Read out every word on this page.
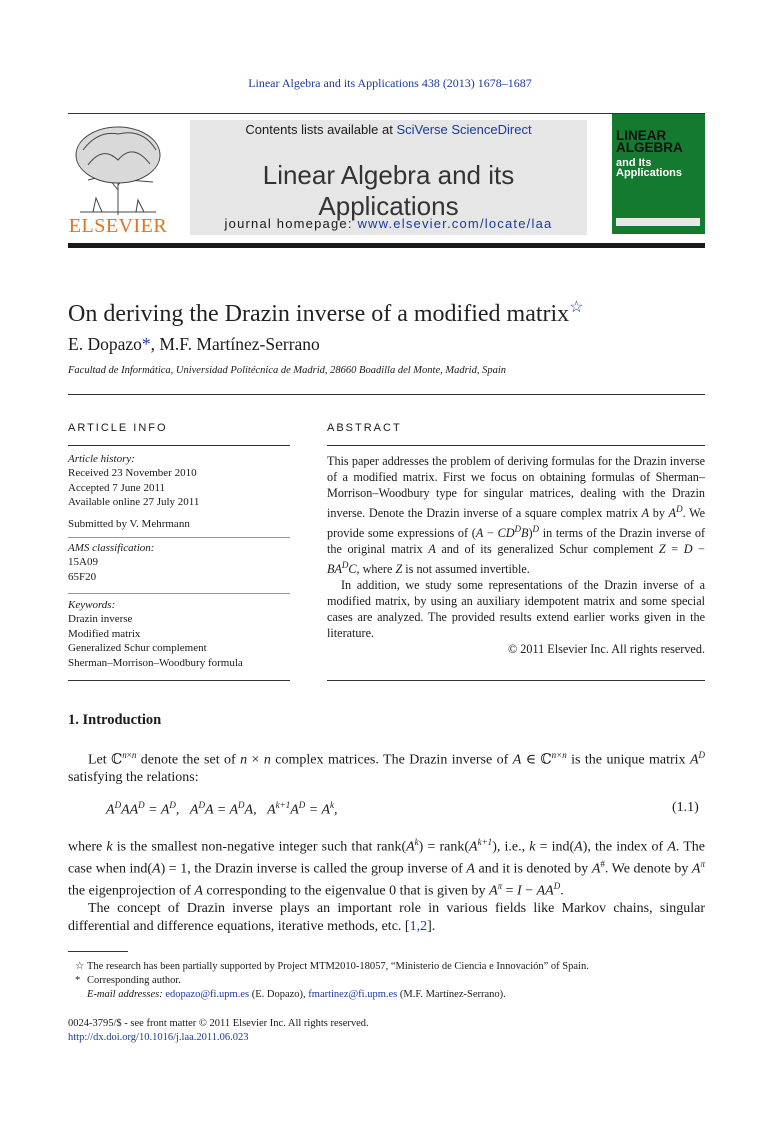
Linear Algebra and its Applications 438 (2013) 1678–1687
ELSEVIER
Contents lists available at SciVerse ScienceDirect
Linear Algebra and its Applications
journal homepage: www.elsevier.com/locate/laa
LINEAR
ALGEBRA
and Its
Applications
On deriving the Drazin inverse of a modified matrix☆
E. Dopazo*, M.F. Martínez-Serrano
Facultad de Informática, Universidad Politécnica de Madrid, 28660 Boadilla del Monte, Madrid, Spain
ARTICLE INFO
Article history:
Received 23 November 2010
Accepted 7 June 2011
Available online 27 July 2011
Submitted by V. Mehrmann
AMS classification:
15A09
65F20
Keywords:
Drazin inverse
Modified matrix
Generalized Schur complement
Sherman–Morrison–Woodbury formula
ABSTRACT

This paper addresses the problem of deriving formulas for the Drazin inverse of a modified matrix. First we focus on obtaining formulas of Sherman–Morrison–Woodbury type for singular matrices, dealing with the Drazin inverse. Denote the Drazin inverse of a square complex matrix A by $A^D$. We provide some expressions of $(A - CD^DB)^D$ in terms of the Drazin inverse of the original matrix A and of its generalized Schur complement $Z = D - BA^DC$, where Z is not assumed invertible.

In addition, we study some representations of the Drazin inverse of a modified matrix, by using an auxiliary idempotent matrix and some special cases are analyzed. The provided results extend earlier works given in the literature.

© 2011 Elsevier Inc. All rights reserved.

1. Introduction

Let ℂ$^{n\times n}$ denote the set of n × n complex matrices. The Drazin inverse of A ∈ ℂ$^{n\times n}$ is the unique matrix $A^D$ satisfying the relations:

$A^DAA^D = A^D$,   $A^DA = A^DA$,   $A^{k+1}A^D = A^k$,	(1.1)

where k is the smallest non-negative integer such that $rank(A^k)$ = $rank(A^{k+1})$, i.e., k = ind(A), the index of A. The case when ind(A) = 1, the Drazin inverse is called the group inverse of A and it is denoted by A#. We denote by $A^\pi$ the eigenprojection of A corresponding to the eigenvalue 0 that is given by $A^\pi = I - AA^D$.

The concept of Drazin inverse plays an important role in various fields like Markov chains, singular differential and difference equations, iterative methods, etc. [1,2].

☆ The research has been partially supported by Project MTM2010-18057, “Ministerio de Ciencia e Innovación” of Spain.
* Corresponding author.
E-mail addresses: edopazo@fi.upm.es (E. Dopazo), fmartinez@fi.upm.es (M.F. Martínez-Serrano).
0024-3795/$ - see front matter © 2011 Elsevier Inc. All rights reserved.
http://dx.doi.org/10.1016/j.laa.2011.06.023
